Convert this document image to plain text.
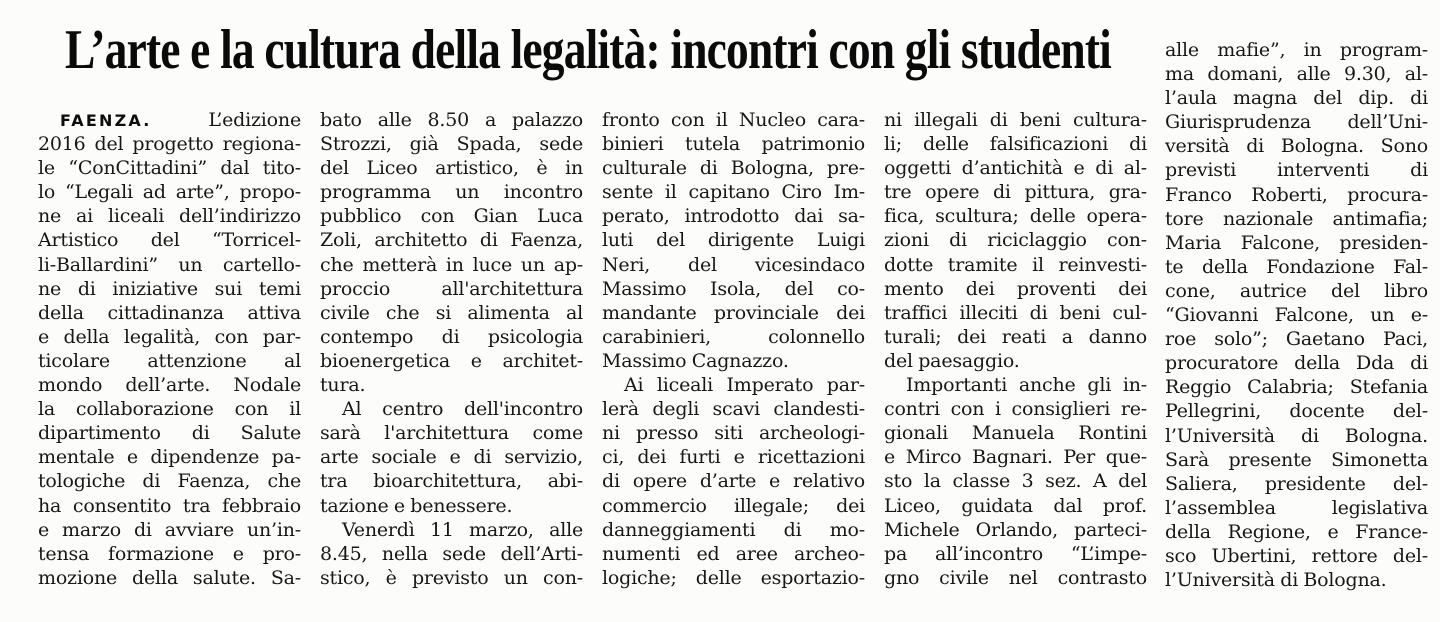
L’arte e la cultura della legalità: incontri con gli studenti
FAENZA. L’edizione
2016 del progetto regiona-
le “ConCittadini” dal tito-
lo “Legali ad arte”, propo-
ne ai liceali dell’indirizzo
Artistico del “Torricel-
li-Ballardini” un cartello-
ne di iniziative sui temi
della cittadinanza attiva
e della legalità, con par-
ticolare attenzione al
mondo dell’arte. Nodale
la collaborazione con il
dipartimento di Salute
mentale e dipendenze pa-
tologiche di Faenza, che
ha consentito tra febbraio
e marzo di avviare un’in-
tensa formazione e pro-
mozione della salute. Sa-
bato alle 8.50 a palazzo
Strozzi, già Spada, sede
del Liceo artistico, è in
programma un incontro
pubblico con Gian Luca
Zoli, architetto di Faenza,
che metterà in luce un ap-
proccio all'architettura
civile che si alimenta al
contempo di psicologia
bioenergetica e architet-
tura.
Al centro dell'incontro
sarà l'architettura come
arte sociale e di servizio,
tra bioarchitettura, abi-
tazione e benessere.
Venerdì 11 marzo, alle
8.45, nella sede dell’Arti-
stico, è previsto un con-
fronto con il Nucleo cara-
binieri tutela patrimonio
culturale di Bologna, pre-
sente il capitano Ciro Im-
perato, introdotto dai sa-
luti del dirigente Luigi
Neri, del vicesindaco
Massimo Isola, del co-
mandante provinciale dei
carabinieri, colonnello
Massimo Cagnazzo.
Ai liceali Imperato par-
lerà degli scavi clandesti-
ni presso siti archeologi-
ci, dei furti e ricettazioni
di opere d’arte e relativo
commercio illegale; dei
danneggiamenti di mo-
numenti ed aree archeo-
logiche; delle esportazio-
ni illegali di beni cultura-
li; delle falsificazioni di
oggetti d’antichità e di al-
tre opere di pittura, gra-
fica, scultura; delle opera-
zioni di riciclaggio con-
dotte tramite il reinvesti-
mento dei proventi dei
traffici illeciti di beni cul-
turali; dei reati a danno
del paesaggio.
Importanti anche gli in-
contri con i consiglieri re-
gionali Manuela Rontini
e Mirco Bagnari. Per que-
sto la classe 3 sez. A del
Liceo, guidata dal prof.
Michele Orlando, parteci-
pa all’incontro “L’impe-
gno civile nel contrasto
alle mafie”, in program-
ma domani, alle 9.30, al-
l’aula magna del dip. di
Giurisprudenza dell’Uni-
versità di Bologna. Sono
previsti interventi di
Franco Roberti, procura-
tore nazionale antimafia;
Maria Falcone, presiden-
te della Fondazione Fal-
cone, autrice del libro
“Giovanni Falcone, un e-
roe solo”; Gaetano Paci,
procuratore della Dda di
Reggio Calabria; Stefania
Pellegrini, docente del-
l’Università di Bologna.
Sarà presente Simonetta
Saliera, presidente del-
l’assemblea legislativa
della Regione, e France-
sco Ubertini, rettore del-
l’Università di Bologna.
